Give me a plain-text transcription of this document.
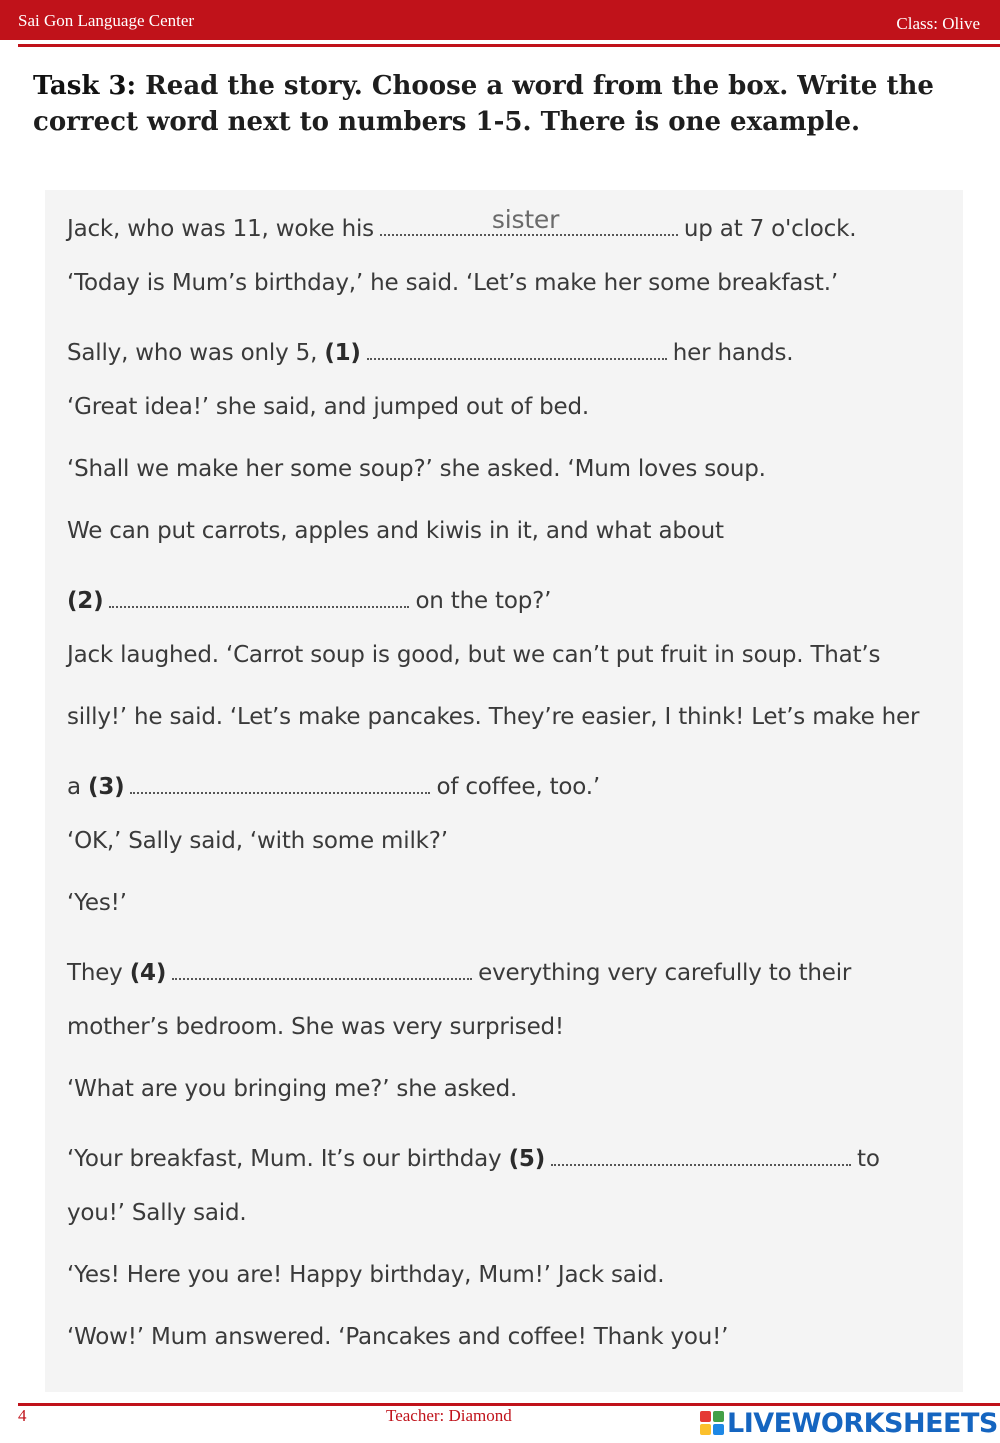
Sai Gon Language Center	Class: Olive

Task 3: Read the story. Choose a word from the box. Write the correct word next to numbers 1-5. There is one example.

Jack, who was 11, woke his	sister	up at 7 o'clock.
‘Today is Mum’s birthday,’ he said. ‘Let’s make her some breakfast.’
Sally, who was only 5, (1)	her hands.
‘Great idea!’ she said, and jumped out of bed.
‘Shall we make her some soup?’ she asked. ‘Mum loves soup.
We can put carrots, apples and kiwis in it, and what about
(2)	on the top?’
Jack laughed. ‘Carrot soup is good, but we can’t put fruit in soup. That’s
silly!’ he said. ‘Let’s make pancakes. They’re easier, I think! Let’s make her
a (3)	of coffee, too.’
‘OK,’ Sally said, ‘with some milk?’
‘Yes!’
They (4)	everything very carefully to their
mother’s bedroom. She was very surprised!
‘What are you bringing me?’ she asked.
‘Your breakfast, Mum. It’s our birthday (5)	to
you!’ Sally said.
‘Yes! Here you are! Happy birthday, Mum!’ Jack said.
‘Wow!’ Mum answered. ‘Pancakes and coffee! Thank you!’
4	Teacher: Diamond	LIVEWORKSHEETS
